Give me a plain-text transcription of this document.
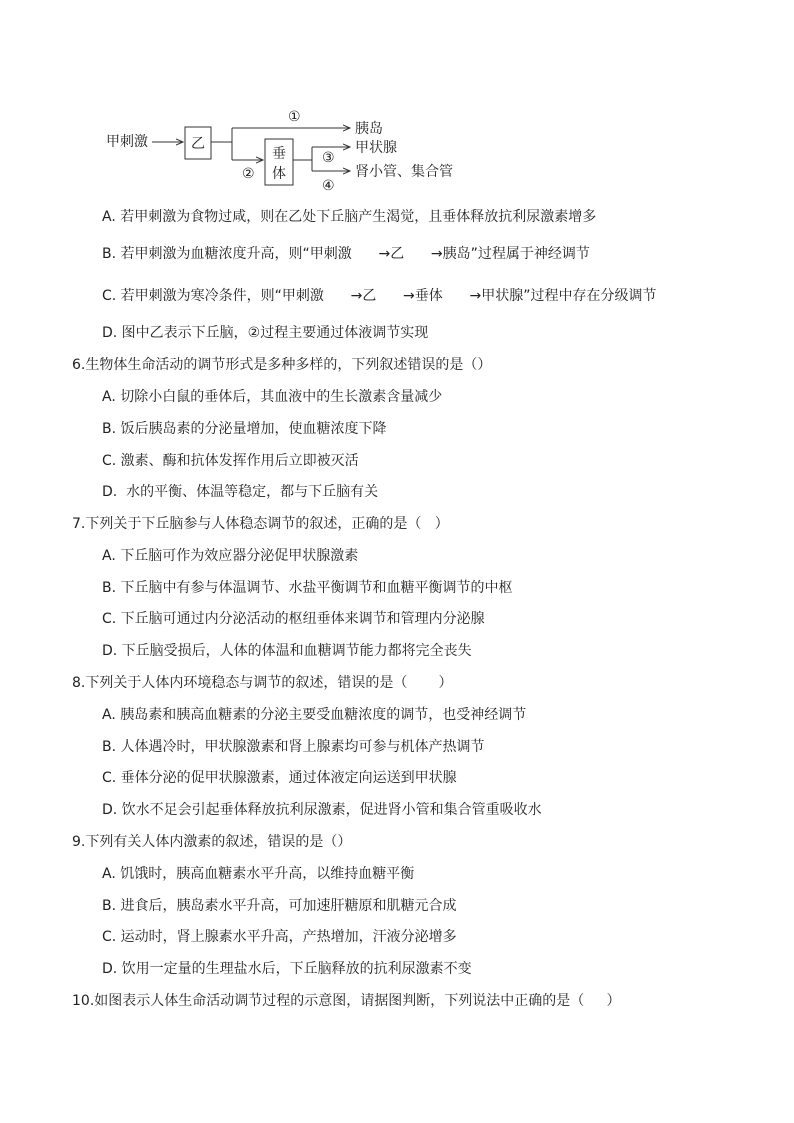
甲刺激	乙
①
胰岛
②
垂
体
③
甲状腺
④
肾小管、集合管
A. 若甲刺激为食物过咸，则在乙处下丘脑产生渴觉，且垂体释放抗利尿激素增多
B. 若甲刺激为血糖浓度升高，则“甲刺激      →乙      →胰岛”过程属于神经调节
C. 若甲刺激为寒冷条件，则“甲刺激      →乙      →垂体      →甲状腺”过程中存在分级调节
D. 图中乙表示下丘脑，②过程主要通过体液调节实现
6.生物体生命活动的调节形式是多种多样的，下列叙述错误的是（）
A. 切除小白鼠的垂体后，其血液中的生长激素含量减少
B. 饭后胰岛素的分泌量增加，使血糖浓度下降
C. 激素、酶和抗体发挥作用后立即被灭活
D.  水的平衡、体温等稳定，都与下丘脑有关
7.下列关于下丘脑参与人体稳态调节的叙述，正确的是（   ）
A. 下丘脑可作为效应器分泌促甲状腺激素
B. 下丘脑中有参与体温调节、水盐平衡调节和血糖平衡调节的中枢
C. 下丘脑可通过内分泌活动的枢纽垂体来调节和管理内分泌腺
D. 下丘脑受损后，人体的体温和血糖调节能力都将完全丧失
8.下列关于人体内环境稳态与调节的叙述，错误的是（       ）
A. 胰岛素和胰高血糖素的分泌主要受血糖浓度的调节，也受神经调节
B. 人体遇冷时，甲状腺激素和肾上腺素均可参与机体产热调节
C. 垂体分泌的促甲状腺激素，通过体液定向运送到甲状腺
D. 饮水不足会引起垂体释放抗利尿激素，促进肾小管和集合管重吸收水
9.下列有关人体内激素的叙述，错误的是（）
A. 饥饿时，胰高血糖素水平升高，以维持血糖平衡
B. 进食后，胰岛素水平升高，可加速肝糖原和肌糖元合成
C. 运动时，肾上腺素水平升高，产热增加，汗液分泌增多
D. 饮用一定量的生理盐水后，下丘脑释放的抗利尿激素不变
10.如图表示人体生命活动调节过程的示意图，请据图判断，下列说法中正确的是（     ）
